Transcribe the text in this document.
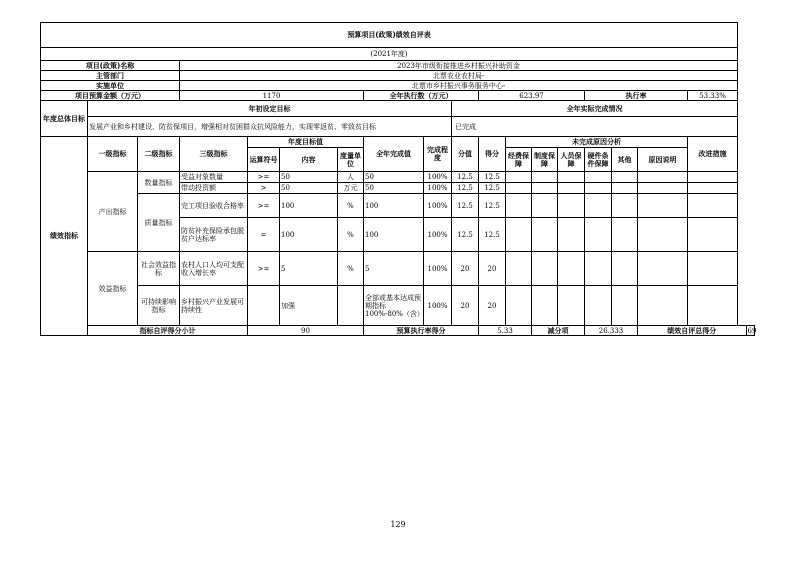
预算项目(政策)绩效自评表																		
(2021年度)																		
项目(政策)名称			2023年市级衔接推进乡村振兴补助资金															
主管部门			北票农业农村局-															
实施单位			北票市乡村振兴事务服务中心-															
项目预算金额（万元）			1170				全年执行数（万元）			623.97				执行率			53.33%	
年度总体目标	年初设定目标								全年实际完成情况									
	发展产业和乡村建设、防贫保项目，增强相对贫困群众抗风险能力，实现零返贫、零致贫目标								已完成									
绩效指标	一级指标	二级指标	三级指标	年度目标值			全年完成值	完成程度	分值	得分	未完成原因分析						改进措施	
				运算符号	内容	度量单位					经费保障	制度保障	人员保障	硬件条件保障	其他	原因说明		
	产出指标	数量指标	受益对象数量	>=	50	人	50	100%	12.5	12.5								
			带动投资额	>	50	万元	50	100%	12.5	12.5								
		质量指标	完工项目验收合格率	>=	100	%	100	100%	12.5	12.5								
			防贫补充保险承包脱贫户达标率	=	100	%	100	100%	12.5	12.5								
	效益指标	社会效益指标	农村人口人均可支配收入增长率	>=	5	%	5	100%	20	20								
		可持续影响指标	乡村振兴产业发展可持续性		加强		全部或基本达成预期指标100%-80%（含）	100%	20	20								
	指标自评得分小计			90			预算执行率得分			5.33		减分项		26.333		绩效自评总得分		69
129
